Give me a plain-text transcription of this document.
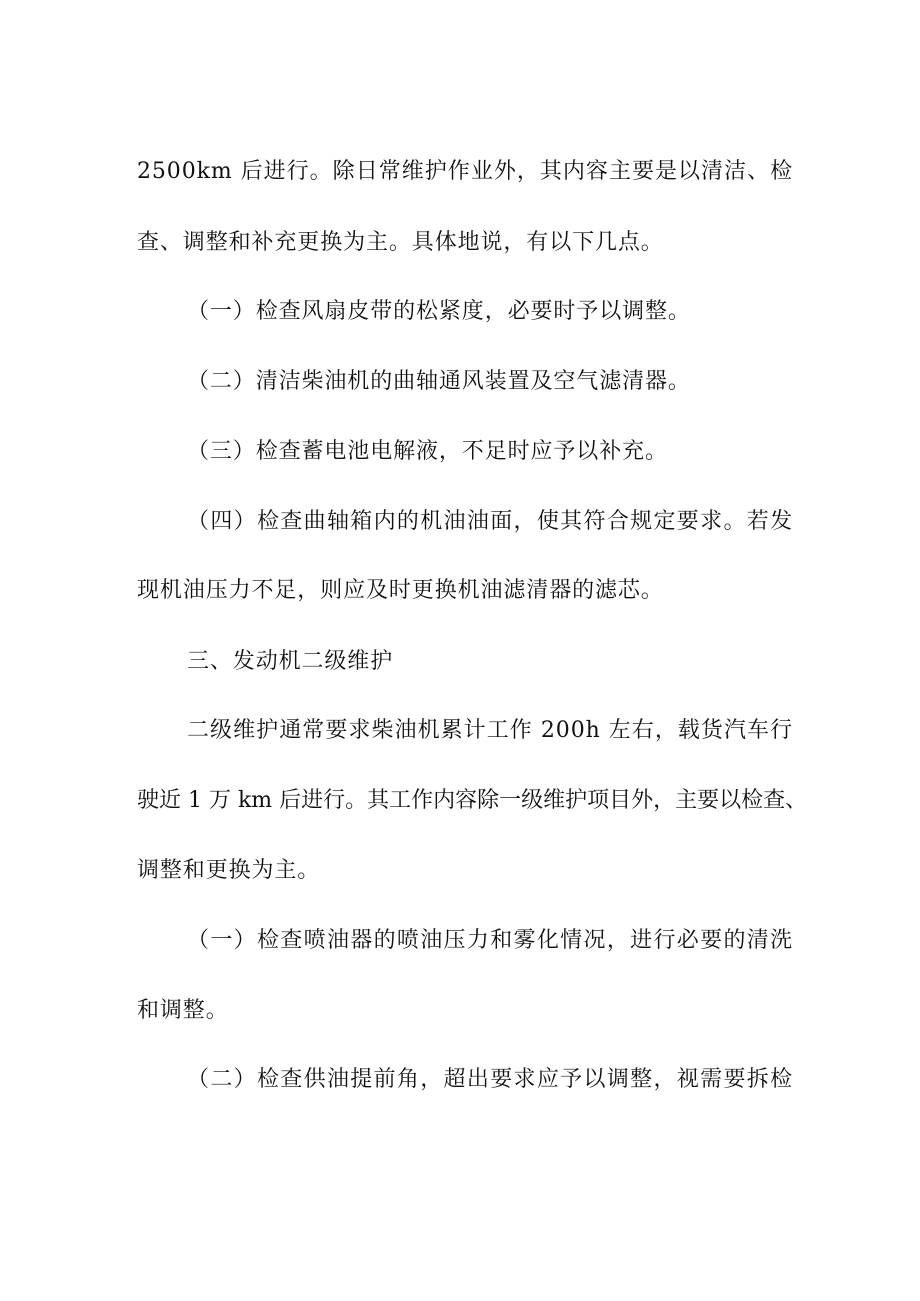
2500km 后进行。除日常维护作业外，其内容主要是以清洁、检
查、调整和补充更换为主。具体地说，有以下几点。
（一）检查风扇皮带的松紧度，必要时予以调整。
（二）清洁柴油机的曲轴通风装置及空气滤清器。
（三）检查蓄电池电解液，不足时应予以补充。
（四）检查曲轴箱内的机油油面，使其符合规定要求。若发
现机油压力不足，则应及时更换机油滤清器的滤芯。
三、发动机二级维护
二级维护通常要求柴油机累计工作 200h 左右，载货汽车行
驶近 1 万 km 后进行。其工作内容除一级维护项目外，主要以检查、
调整和更换为主。
（一）检查喷油器的喷油压力和雾化情况，进行必要的清洗
和调整。
（二）检查供油提前角，超出要求应予以调整，视需要拆检
